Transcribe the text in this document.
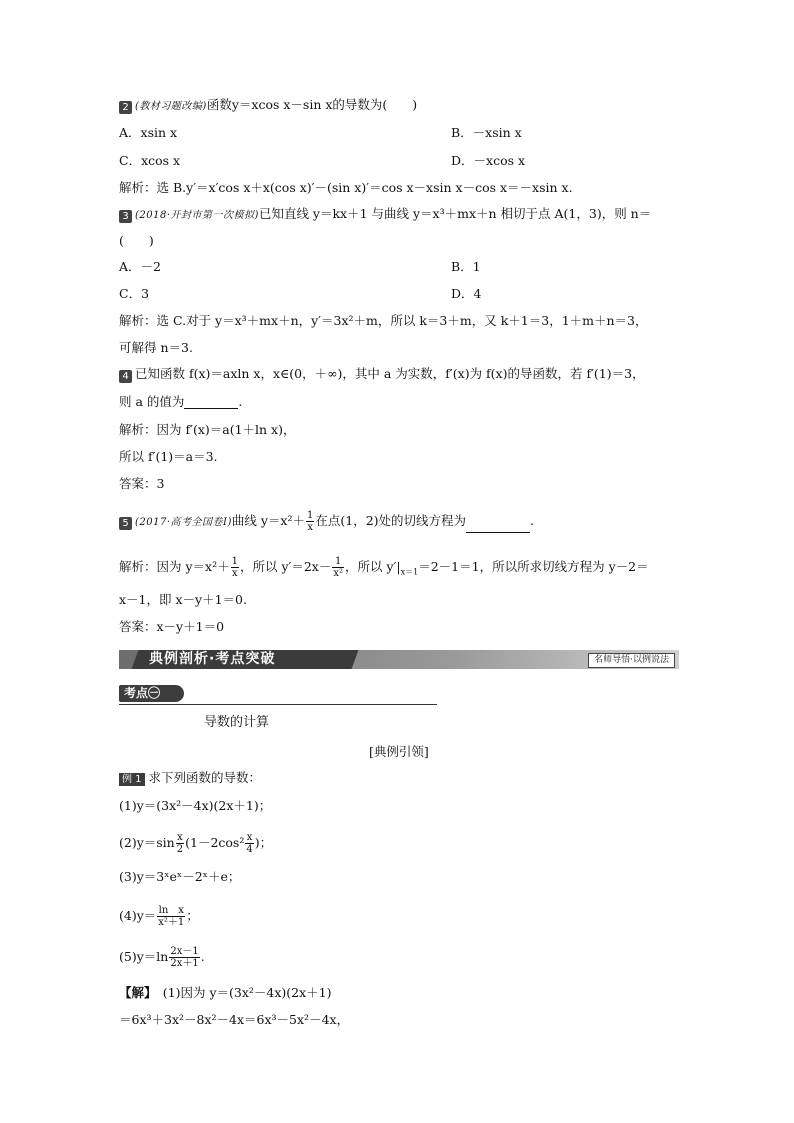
2 (教材习题改编)函数y＝xcos x－sin x的导数为(　　)
A．xsin x	B．－xsin x
C．xcos x	D．－xcos x
解析：选 B.y′＝x′cos x＋x(cos x)′－(sin x)′＝cos x－xsin x－cos x＝－xsin x.
3 (2018·开封市第一次模拟)已知直线 y＝kx＋1 与曲线 y＝x³＋mx＋n 相切于点 A(1，3)，则 n＝
(　　)
A．－2	B．1
C．3	D．4
解析：选 C.对于 y＝x³＋mx＋n，y′＝3x²＋m，所以 k＝3＋m，又 k＋1＝3，1＋m＋n＝3，
可解得 n＝3.
4 已知函数 f(x)＝axln x，x∈(0，＋∞)，其中 a 为实数，f′(x)为 f(x)的导函数，若 f′(1)＝3，
则 a 的值为	.
解析：因为 f′(x)＝a(1＋ln x)，
所以 f′(1)＝a＝3.
答案：3
5 (2017·高考全国卷Ⅰ)曲线 $y=x^2+ \frac{1}{x}$ 在点(1，2)处的切线方程为	.
解析：因为 $y=x^2+ \frac{1}{x}$ ，所以 $y'=2x- \frac{1}{\text{x²}}$ ，所以 $y'|_{x=1}=2-1=1$，所以所求切线方程为 y－2＝
x－1，即 x－y＋1＝0.
答案：x－y＋1＝0
典例剖析·考点突破	名师导悟·以例说法
考点㊀
导数的计算
[典例引领]
例 1 求下列函数的导数：
(1)y＝(3x²－4x)(2x＋1)；
$(2)y=\sin \frac{x}{2} (1-2\cos^2 \frac{x}{4}$ )；
(3)y＝3ˣeˣ－2ˣ＋e；
$(4)y= \frac{\text{ln　x}}{\text{x²＋1}}$ ；
$(5)y=\ln \frac{2x-1}{2x+1}$ .
【解】　 (1)因为 y＝(3x²－4x)(2x＋1)
＝6x³＋3x²－8x²－4x＝6x³－5x²－4x，
